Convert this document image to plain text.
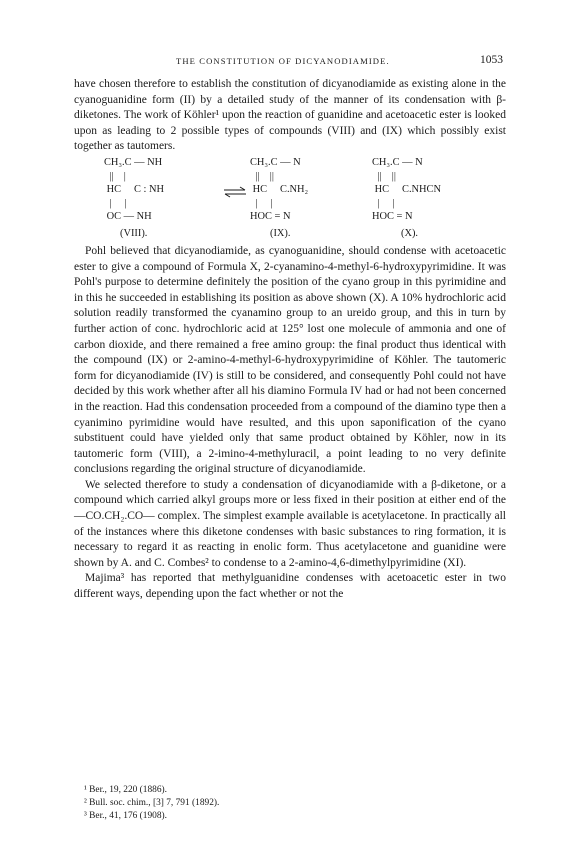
THE CONSTITUTION OF DICYANODIAMIDE.	1053

have chosen therefore to establish the constitution of dicyanodiamide as existing alone in the cyanoguanidine form (II) by a detailed study of the manner of its condensation with β-diketones. The work of Köhler¹ upon the reaction of guanidine and acetoacetic ester is looked upon as leading to 2 possible types of compounds (VIII) and (IX) which possibly exist together as tautomers.

CH₃.C — NH
||    |
HC     C : NH
|     |
OC — NH
CH₃.C — N
||    ||
HC     C.NH₂
|     |
HOC = N
CH₃.C — N
||    ||
HC     C.NHCN
|     |
HOC = N
(VIII).	(IX).	(X).

Pohl believed that dicyanodiamide, as cyanoguanidine, should condense with acetoacetic ester to give a compound of Formula X, 2-cyanamino-4-methyl-6-hydroxypyrimidine. It was Pohl's purpose to determine definitely the position of the cyano group in this pyrimidine and in this he succeeded in establishing its position as above shown (X). A 10% hydrochloric acid solution readily transformed the cyanamino group to an ureido group, and this in turn by further action of conc. hydrochloric acid at 125° lost one molecule of ammonia and one of carbon dioxide, and there remained a free amino group: the final product thus identical with the compound (IX) or 2-amino-4-methyl-6-hydroxypyrimidine of Köhler. The tautomeric form for dicyanodiamide (IV) is still to be considered, and consequently Pohl could not have decided by this work whether after all his diamino Formula IV had or had not been concerned in the reaction. Had this condensation proceeded from a compound of the diamino type then a cyanimino pyrimidine would have resulted, and this upon saponification of the cyano substituent could have yielded only that same product obtained by Köhler, now in its tautomeric form (VIII), a 2-imino-4-methyluracil, a point leading to no very definite conclusions regarding the original structure of dicyanodiamide.

We selected therefore to study a condensation of dicyanodiamide with a β-diketone, or a compound which carried alkyl groups more or less fixed in their position at either end of the —CO.CH₂.CO— complex. The simplest example available is acetylacetone. In practically all of the instances where this diketone condenses with basic substances to ring formation, it is necessary to regard it as reacting in enolic form. Thus acetylacetone and guanidine were shown by A. and C. Combes² to condense to a 2-amino-4,6-dimethylpyrimidine (XI).

Majima³ has reported that methylguanidine condenses with acetoacetic ester in two different ways, depending upon the fact whether or not the

¹ Ber., 19, 220 (1886).
² Bull. soc. chim., [3] 7, 791 (1892).
³ Ber., 41, 176 (1908).
